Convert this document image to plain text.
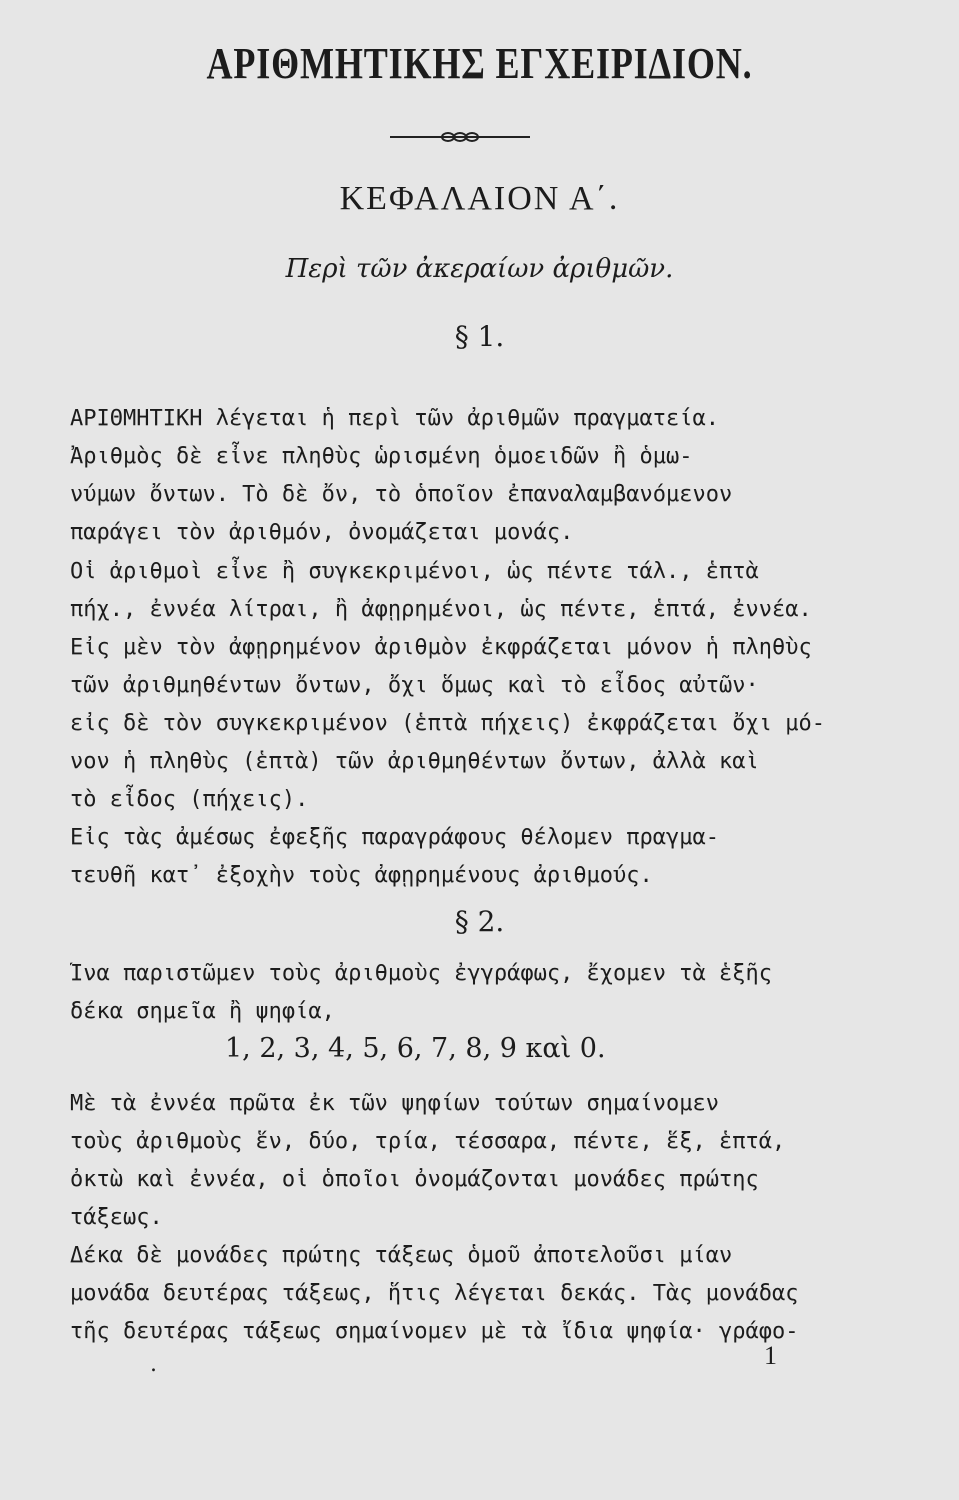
ΑΡΙΘΜΗΤΙΚΗΣ ΕΓΧΕΙΡΙΔΙΟΝ.
ΚΕΦΑΛΑΙΟΝ Α΄.
Περὶ τῶν ἀκεραίων ἀριθμῶν.
§ 1.
ΑΡΙΘΜΗΤΙΚΗ λέγεται ἡ περὶ τῶν ἀριθμῶν πραγματεία.
Ἀριθμὸς δὲ εἶνε πληθὺς ὡρισμένη ὁμοειδῶν ἢ ὁμω-
νύμων ὄντων. Τὸ δὲ ὄν, τὸ ὁποῖον ἐπαναλαμβανόμενον
παράγει τὸν ἀριθμόν, ὀνομάζεται μονάς.
Οἱ ἀριθμοὶ εἶνε ἢ συγκεκριμένοι, ὡς πέντε τάλ., ἑπτὰ
πήχ., ἐννέα λίτραι, ἢ ἀφῃρημένοι, ὡς πέντε, ἑπτά, ἐννέα.
Εἰς μὲν τὸν ἀφῃρημένον ἀριθμὸν ἐκφράζεται μόνον ἡ πληθὺς
τῶν ἀριθμηθέντων ὄντων, ὄχι ὅμως καὶ τὸ εἶδος αὐτῶν·
εἰς δὲ τὸν συγκεκριμένον (ἑπτὰ πήχεις) ἐκφράζεται ὄχι μό-
νον ἡ πληθὺς (ἑπτὰ) τῶν ἀριθμηθέντων ὄντων, ἀλλὰ καὶ
τὸ εἶδος (πήχεις).
Εἰς τὰς ἀμέσως ἐφεξῆς παραγράφους θέλομεν πραγμα-
τευθῆ κατ᾽ ἐξοχὴν τοὺς ἀφῃρημένους ἀριθμούς.
§ 2.
Ἵνα παριστῶμεν τοὺς ἀριθμοὺς ἐγγράφως, ἔχομεν τὰ ἑξῆς
δέκα σημεῖα ἢ ψηφία,
1, 2, 3, 4, 5, 6, 7, 8, 9 καὶ 0.
Μὲ τὰ ἐννέα πρῶτα ἐκ τῶν ψηφίων τούτων σημαίνομεν
τοὺς ἀριθμοὺς ἕν, δύο, τρία, τέσσαρα, πέντε, ἕξ, ἑπτά,
ὀκτὼ καὶ ἐννέα, οἱ ὁποῖοι ὀνομάζονται μονάδες πρώτης
τάξεως.
Δέκα δὲ μονάδες πρώτης τάξεως ὁμοῦ ἀποτελοῦσι μίαν
μονάδα δευτέρας τάξεως, ἥτις λέγεται δεκάς. Τὰς μονάδας
τῆς δευτέρας τάξεως σημαίνομεν μὲ τὰ ἴδια ψηφία· γράφο-
.	1
